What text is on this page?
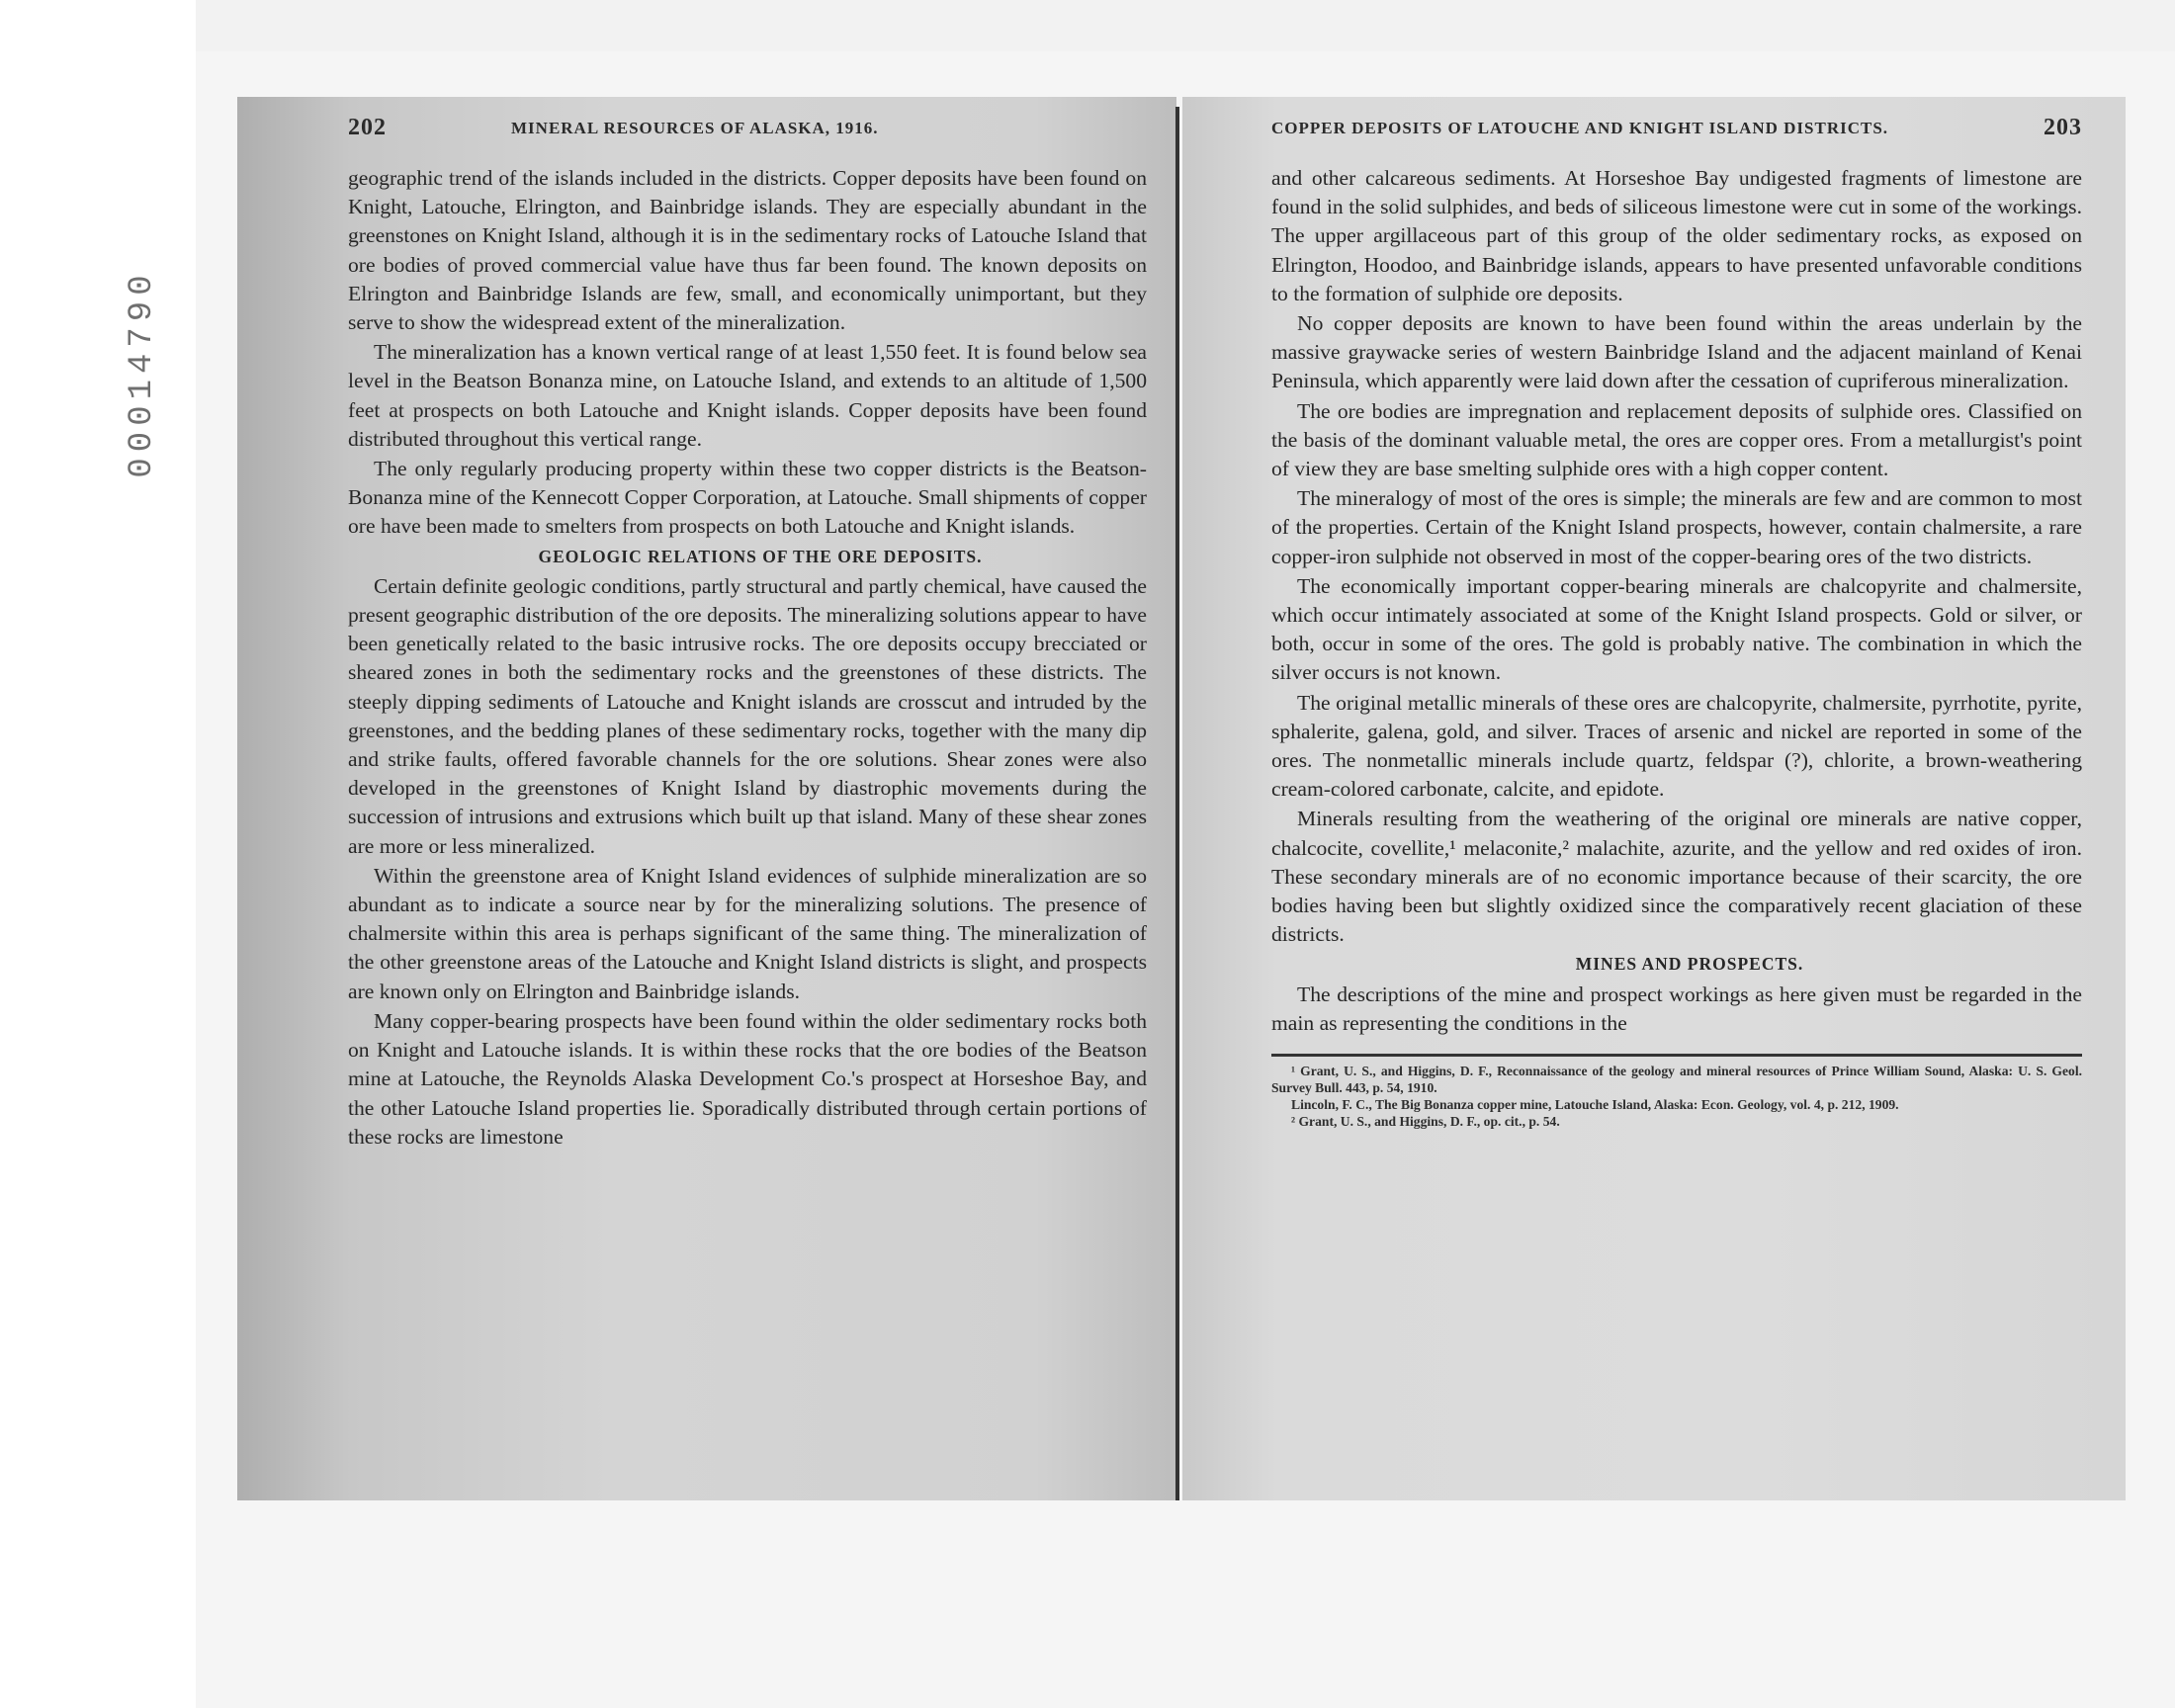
00014790
202	MINERAL RESOURCES OF ALASKA, 1916.

geographic trend of the islands included in the districts. Copper deposits have been found on Knight, Latouche, Elrington, and Bainbridge islands. They are especially abundant in the greenstones on Knight Island, although it is in the sedimentary rocks of Latouche Island that ore bodies of proved commercial value have thus far been found. The known deposits on Elrington and Bainbridge Islands are few, small, and economically unimportant, but they serve to show the widespread extent of the mineralization.

The mineralization has a known vertical range of at least 1,550 feet. It is found below sea level in the Beatson Bonanza mine, on Latouche Island, and extends to an altitude of 1,500 feet at prospects on both Latouche and Knight islands. Copper deposits have been found distributed throughout this vertical range.

The only regularly producing property within these two copper districts is the Beatson-Bonanza mine of the Kennecott Copper Corporation, at Latouche. Small shipments of copper ore have been made to smelters from prospects on both Latouche and Knight islands.

GEOLOGIC RELATIONS OF THE ORE DEPOSITS.

Certain definite geologic conditions, partly structural and partly chemical, have caused the present geographic distribution of the ore deposits. The mineralizing solutions appear to have been genetically related to the basic intrusive rocks. The ore deposits occupy brecciated or sheared zones in both the sedimentary rocks and the greenstones of these districts. The steeply dipping sediments of Latouche and Knight islands are crosscut and intruded by the greenstones, and the bedding planes of these sedimentary rocks, together with the many dip and strike faults, offered favorable channels for the ore solutions. Shear zones were also developed in the greenstones of Knight Island by diastrophic movements during the succession of intrusions and extrusions which built up that island. Many of these shear zones are more or less mineralized.

Within the greenstone area of Knight Island evidences of sulphide mineralization are so abundant as to indicate a source near by for the mineralizing solutions. The presence of chalmersite within this area is perhaps significant of the same thing. The mineralization of the other greenstone areas of the Latouche and Knight Island districts is slight, and prospects are known only on Elrington and Bainbridge islands.

Many copper-bearing prospects have been found within the older sedimentary rocks both on Knight and Latouche islands. It is within these rocks that the ore bodies of the Beatson mine at Latouche, the Reynolds Alaska Development Co.'s prospect at Horseshoe Bay, and the other Latouche Island properties lie. Sporadically distributed through certain portions of these rocks are limestone

COPPER DEPOSITS OF LATOUCHE AND KNIGHT ISLAND DISTRICTS.	203

and other calcareous sediments. At Horseshoe Bay undigested fragments of limestone are found in the solid sulphides, and beds of siliceous limestone were cut in some of the workings. The upper argillaceous part of this group of the older sedimentary rocks, as exposed on Elrington, Hoodoo, and Bainbridge islands, appears to have presented unfavorable conditions to the formation of sulphide ore deposits.

No copper deposits are known to have been found within the areas underlain by the massive graywacke series of western Bainbridge Island and the adjacent mainland of Kenai Peninsula, which apparently were laid down after the cessation of cupriferous mineralization.

The ore bodies are impregnation and replacement deposits of sulphide ores. Classified on the basis of the dominant valuable metal, the ores are copper ores. From a metallurgist's point of view they are base smelting sulphide ores with a high copper content.

The mineralogy of most of the ores is simple; the minerals are few and are common to most of the properties. Certain of the Knight Island prospects, however, contain chalmersite, a rare copper-iron sulphide not observed in most of the copper-bearing ores of the two districts.

The economically important copper-bearing minerals are chalcopyrite and chalmersite, which occur intimately associated at some of the Knight Island prospects. Gold or silver, or both, occur in some of the ores. The gold is probably native. The combination in which the silver occurs is not known.

The original metallic minerals of these ores are chalcopyrite, chalmersite, pyrrhotite, pyrite, sphalerite, galena, gold, and silver. Traces of arsenic and nickel are reported in some of the ores. The nonmetallic minerals include quartz, feldspar (?), chlorite, a brown-weathering cream-colored carbonate, calcite, and epidote.

Minerals resulting from the weathering of the original ore minerals are native copper, chalcocite, covellite,¹ melaconite,² malachite, azurite, and the yellow and red oxides of iron. These secondary minerals are of no economic importance because of their scarcity, the ore bodies having been but slightly oxidized since the comparatively recent glaciation of these districts.

MINES AND PROSPECTS.

The descriptions of the mine and prospect workings as here given must be regarded in the main as representing the conditions in the

¹ Grant, U. S., and Higgins, D. F., Reconnaissance of the geology and mineral resources of Prince William Sound, Alaska: U. S. Geol. Survey Bull. 443, p. 54, 1910.

Lincoln, F. C., The Big Bonanza copper mine, Latouche Island, Alaska: Econ. Geology, vol. 4, p. 212, 1909.

² Grant, U. S., and Higgins, D. F., op. cit., p. 54.
